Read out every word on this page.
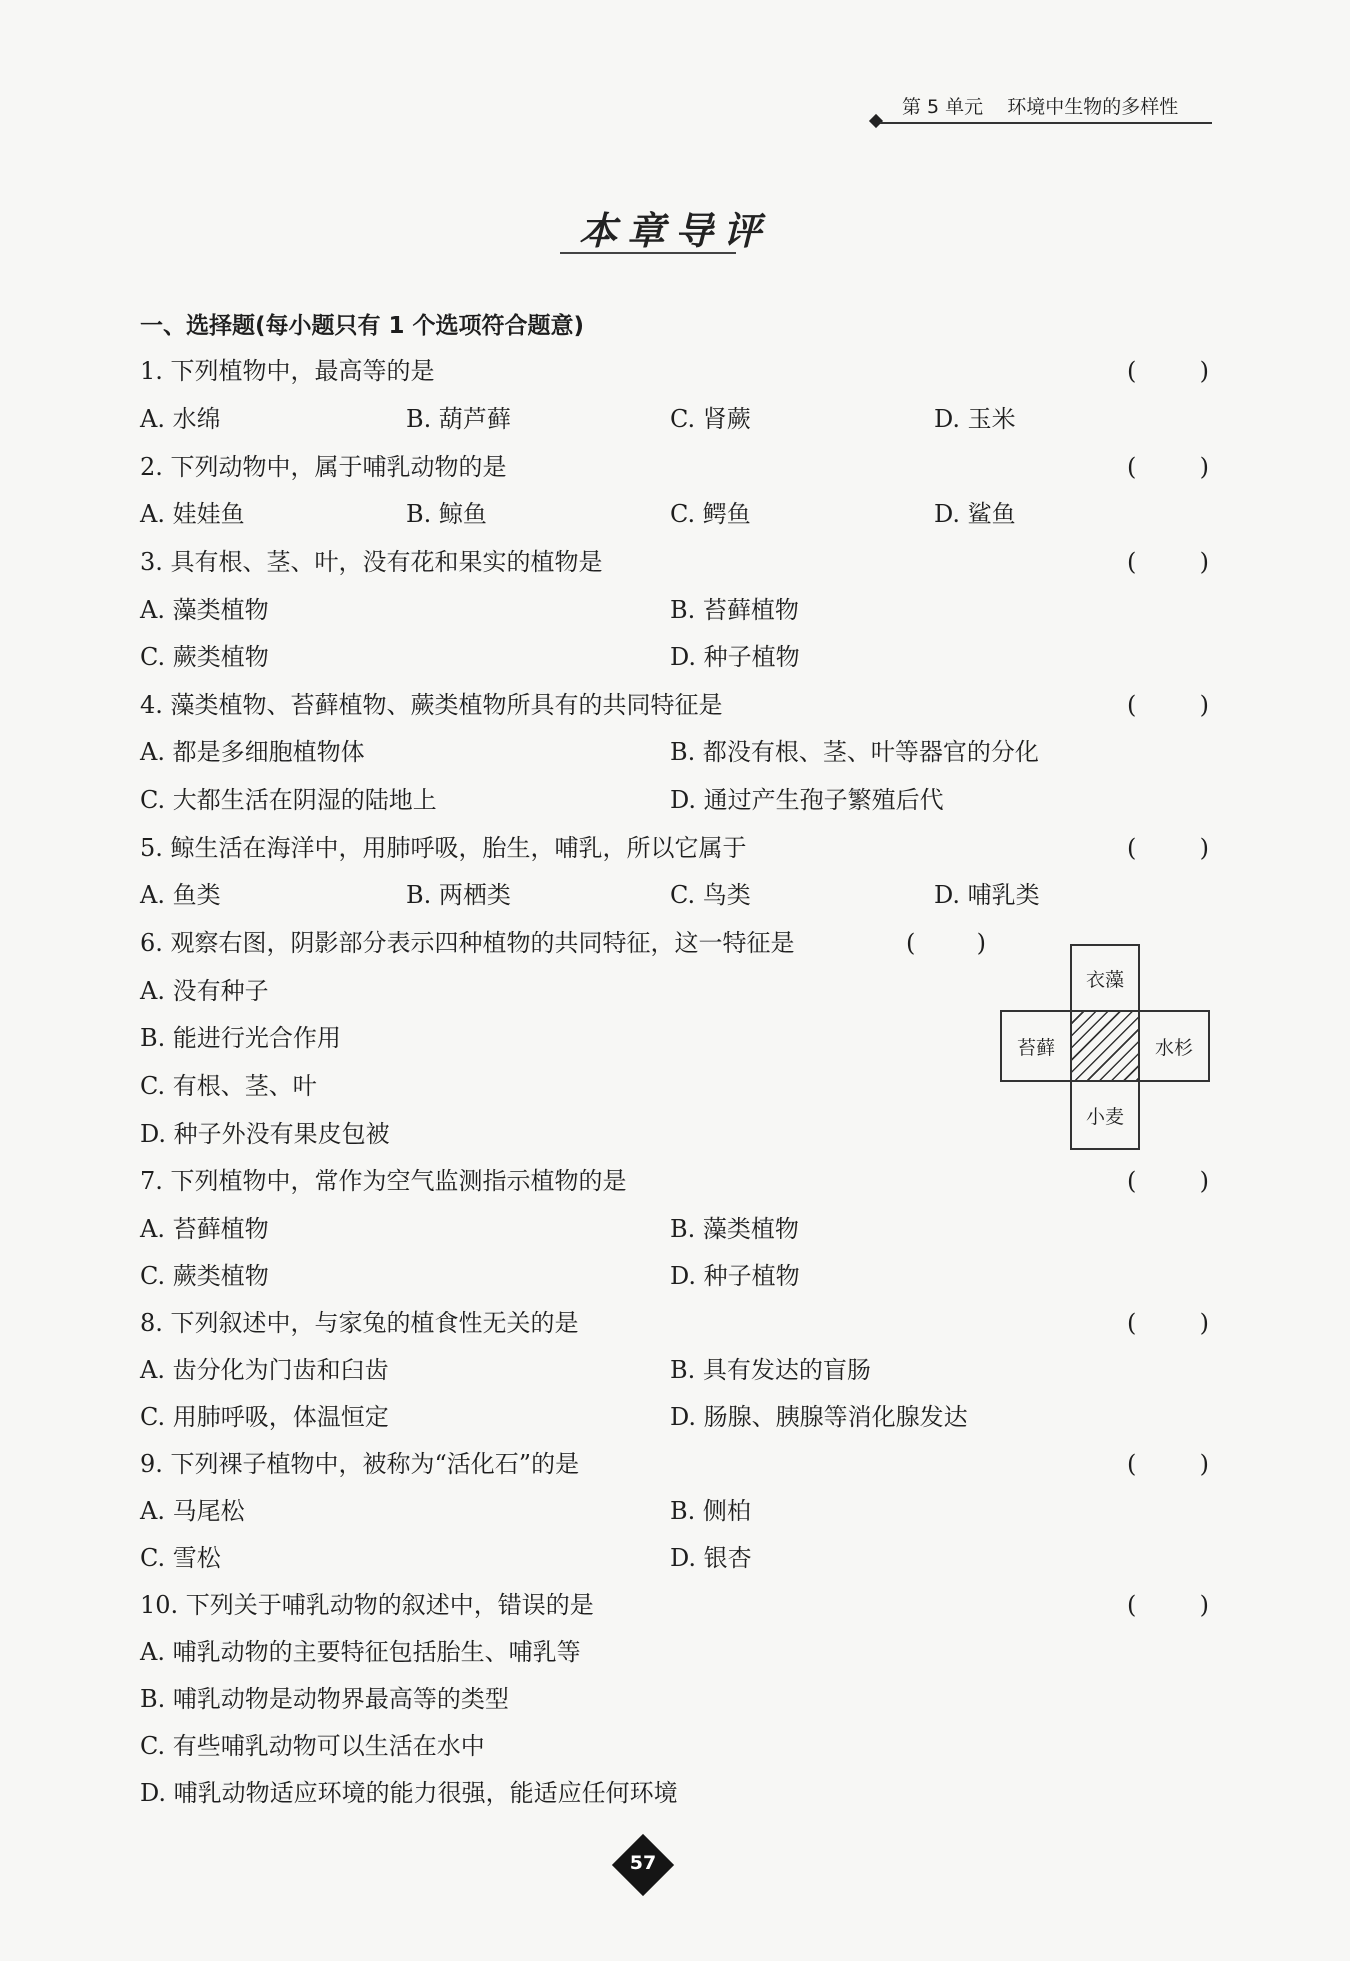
第 5 单元 环境中生物的多样性
本章导评
一、选择题(每小题只有 1 个选项符合题意)
1. 下列植物中，最高等的是	(	)
A. 水绵	B. 葫芦藓	C. 肾蕨	D. 玉米
2. 下列动物中，属于哺乳动物的是	(	)
A. 娃娃鱼	B. 鲸鱼	C. 鳄鱼	D. 鲨鱼
3. 具有根、茎、叶，没有花和果实的植物是	(	)
A. 藻类植物	B. 苔藓植物
C. 蕨类植物	D. 种子植物
4. 藻类植物、苔藓植物、蕨类植物所具有的共同特征是	(	)
A. 都是多细胞植物体	B. 都没有根、茎、叶等器官的分化
C. 大都生活在阴湿的陆地上	D. 通过产生孢子繁殖后代
5. 鲸生活在海洋中，用肺呼吸，胎生，哺乳，所以它属于	(	)
A. 鱼类	B. 两栖类	C. 鸟类	D. 哺乳类
6. 观察右图，阴影部分表示四种植物的共同特征，这一特征是	(	)
A. 没有种子
B. 能进行光合作用
C. 有根、茎、叶
D. 种子外没有果皮包被
衣藻
苔藓	水杉
小麦
7. 下列植物中，常作为空气监测指示植物的是	(	)
A. 苔藓植物	B. 藻类植物
C. 蕨类植物	D. 种子植物
8. 下列叙述中，与家兔的植食性无关的是	(	)
A. 齿分化为门齿和臼齿	B. 具有发达的盲肠
C. 用肺呼吸，体温恒定	D. 肠腺、胰腺等消化腺发达
9. 下列裸子植物中，被称为“活化石”的是	(	)
A. 马尾松	B. 侧柏
C. 雪松	D. 银杏
10. 下列关于哺乳动物的叙述中，错误的是	(	)
A. 哺乳动物的主要特征包括胎生、哺乳等
B. 哺乳动物是动物界最高等的类型
C. 有些哺乳动物可以生活在水中
D. 哺乳动物适应环境的能力很强，能适应任何环境
57
